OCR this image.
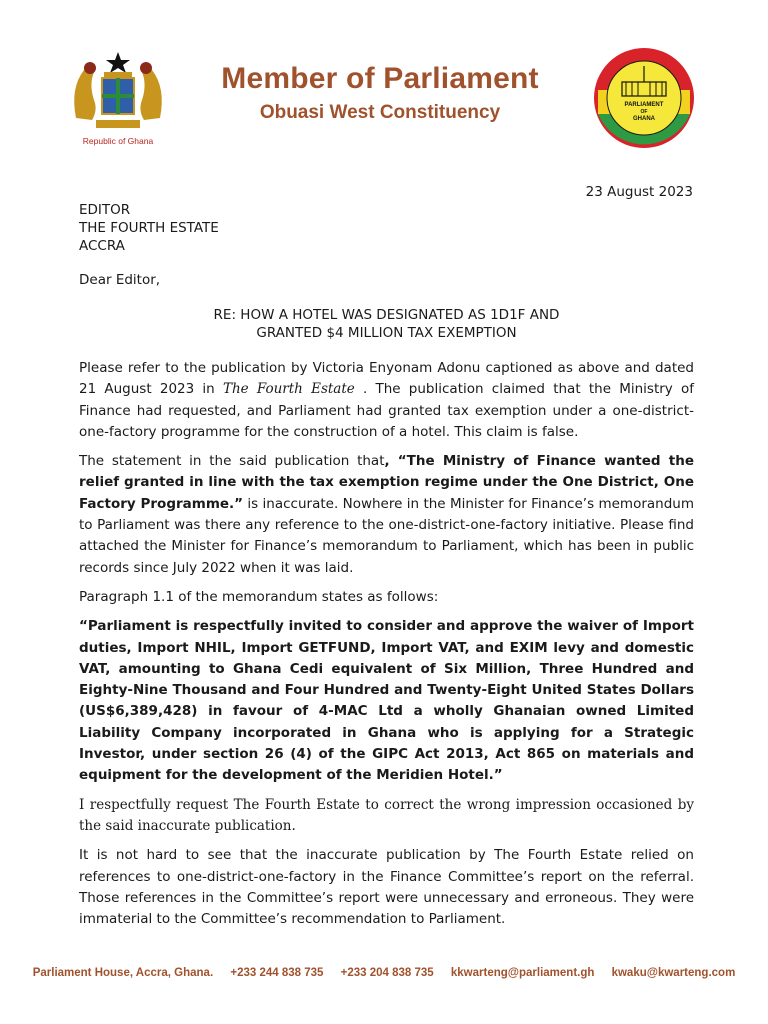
Republic of Ghana
Member of Parliament
Obuasi West Constituency	PARLIAMENT
OF
GHANA
23 August 2023
EDITOR
THE FOURTH ESTATE
ACCRA
Dear Editor,
RE: HOW A HOTEL WAS DESIGNATED AS 1D1F AND
GRANTED $4 MILLION TAX EXEMPTION

Please refer to the publication by Victoria Enyonam Adonu captioned as above and dated 21 August 2023 in The Fourth Estate . The publication claimed that the Ministry of Finance had requested, and Parliament had granted tax exemption under a one-district-one-factory programme for the construction of a hotel. This claim is false.

The statement in the said publication that, “The Ministry of Finance wanted the relief granted in line with the tax exemption regime under the One District, One Factory Programme.” is inaccurate. Nowhere in the Minister for Finance’s memorandum to Parliament was there any reference to the one-district-one-factory initiative. Please find attached the Minister for Finance’s memorandum to Parliament, which has been in public records since July 2022 when it was laid.

Paragraph 1.1 of the memorandum states as follows:

“Parliament is respectfully invited to consider and approve the waiver of Import duties, Import NHIL, Import GETFUND, Import VAT, and EXIM levy and domestic VAT, amounting to Ghana Cedi equivalent of Six Million, Three Hundred and Eighty-Nine Thousand and Four Hundred and Twenty-Eight United States Dollars (US$6,389,428) in favour of 4-MAC Ltd a wholly Ghanaian owned Limited Liability Company incorporated in Ghana who is applying for a Strategic Investor, under section 26 (4) of the GIPC Act 2013, Act 865 on materials and equipment for the development of the Meridien Hotel.”

I respectfully request The Fourth Estate to correct the wrong impression occasioned by the said inaccurate publication.

It is not hard to see that the inaccurate publication by The Fourth Estate relied on references to one-district-one-factory in the Finance Committee’s report on the referral. Those references in the Committee’s report were unnecessary and erroneous. They were immaterial to the Committee’s recommendation to Parliament.

Parliament House, Accra, Ghana. +233 244 838 735 +233 204 838 735 kkwarteng@parliament.gh kwaku@kwarteng.com
